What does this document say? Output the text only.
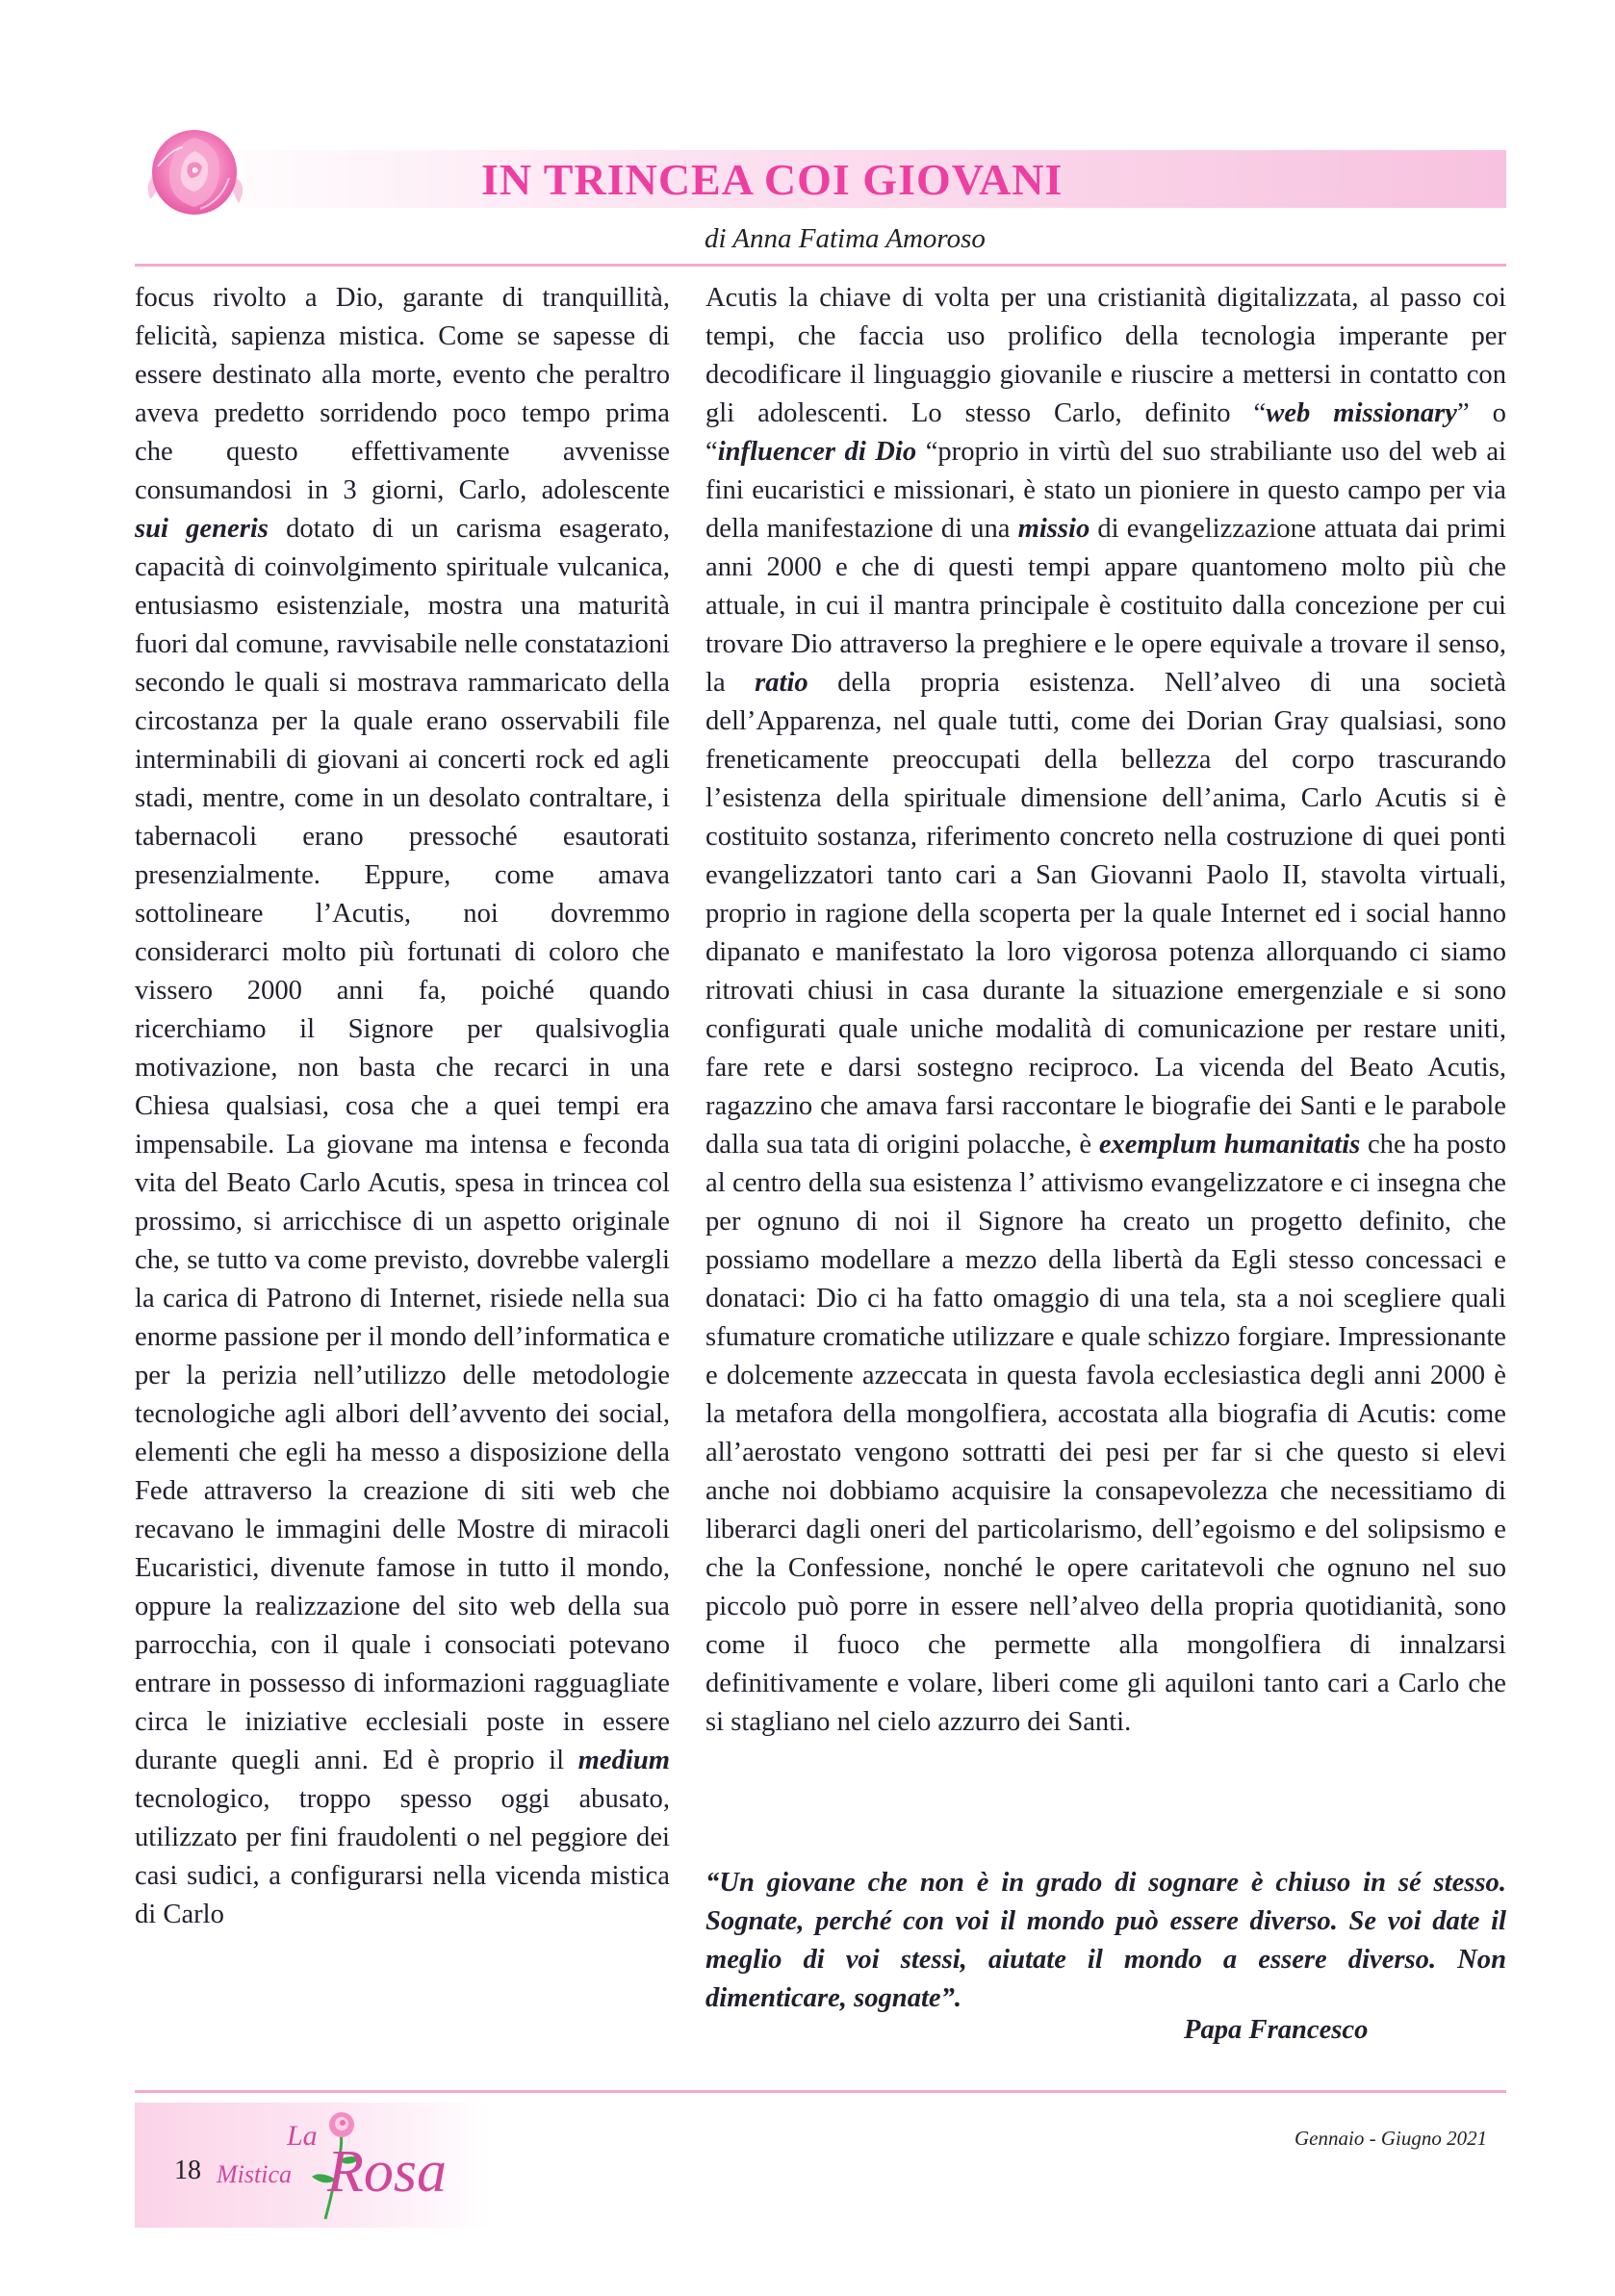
IN TRINCEA COI GIOVANI
di Anna Fatima Amoroso

focus rivolto a Dio, garante di tranquillità, felicità, sapienza mistica. Come se sapesse di essere destinato alla morte, evento che peraltro aveva predetto sorridendo poco tempo prima che questo effettivamente avvenisse consumandosi in 3 giorni, Carlo, adolescente sui generis dotato di un carisma esagerato, capacità di coinvolgimento spirituale vulcanica, entusiasmo esistenziale, mostra una maturità fuori dal comune, ravvisabile nelle constatazioni secondo le quali si mostrava rammaricato della circostanza per la quale erano osservabili file interminabili di giovani ai concerti rock ed agli stadi, mentre, come in un desolato contraltare, i tabernacoli erano pressoché esautorati presenzialmente. Eppure, come amava sottolineare l’Acutis, noi dovremmo considerarci molto più fortunati di coloro che vissero 2000 anni fa, poiché quando ricerchiamo il Signore per qualsivoglia motivazione, non basta che recarci in una Chiesa qualsiasi, cosa che a quei tempi era impensabile. La giovane ma intensa e feconda vita del Beato Carlo Acutis, spesa in trincea col prossimo, si arricchisce di un aspetto originale che, se tutto va come previsto, dovrebbe valergli la carica di Patrono di Internet, risiede nella sua enorme passione per il mondo dell’informatica e per la perizia nell’utilizzo delle metodologie tecnologiche agli albori dell’avvento dei social, elementi che egli ha messo a disposizione della Fede attraverso la creazione di siti web che recavano le immagini delle Mostre di miracoli Eucaristici, divenute famose in tutto il mondo, oppure la realizzazione del sito web della sua parrocchia, con il quale i consociati potevano entrare in possesso di informazioni ragguagliate circa le iniziative ecclesiali poste in essere durante quegli anni. Ed è proprio il medium tecnologico, troppo spesso oggi abusato, utilizzato per fini fraudolenti o nel peggiore dei casi sudici, a configurarsi nella vicenda mistica di Carlo

Acutis la chiave di volta per una cristianità digitalizzata, al passo coi tempi, che faccia uso prolifico della tecnologia imperante per decodificare il linguaggio giovanile e riuscire a mettersi in contatto con gli adolescenti. Lo stesso Carlo, definito “web missionary” o “influencer di Dio “proprio in virtù del suo strabiliante uso del web ai fini eucaristici e missionari, è stato un pioniere in questo campo per via della manifestazione di una missio di evangelizzazione attuata dai primi anni 2000 e che di questi tempi appare quantomeno molto più che attuale, in cui il mantra principale è costituito dalla concezione per cui trovare Dio attraverso la preghiere e le opere equivale a trovare il senso, la ratio della propria esistenza. Nell’alveo di una società dell’Apparenza, nel quale tutti, come dei Dorian Gray qualsiasi, sono freneticamente preoccupati della bellezza del corpo trascurando l’esistenza della spirituale dimensione dell’anima, Carlo Acutis si è costituito sostanza, riferimento concreto nella costruzione di quei ponti evangelizzatori tanto cari a San Giovanni Paolo II, stavolta virtuali, proprio in ragione della scoperta per la quale Internet ed i social hanno dipanato e manifestato la loro vigorosa potenza allorquando ci siamo ritrovati chiusi in casa durante la situazione emergenziale e si sono configurati quale uniche modalità di comunicazione per restare uniti, fare rete e darsi sostegno reciproco. La vicenda del Beato Acutis, ragazzino che amava farsi raccontare le biografie dei Santi e le parabole dalla sua tata di origini polacche, è exemplum humanitatis che ha posto al centro della sua esistenza l’ attivismo evangelizzatore e ci insegna che per ognuno di noi il Signore ha creato un progetto definito, che possiamo modellare a mezzo della libertà da Egli stesso concessaci e donataci: Dio ci ha fatto omaggio di una tela, sta a noi scegliere quali sfumature cromatiche utilizzare e quale schizzo forgiare. Impressionante e dolcemente azzeccata in questa favola ecclesiastica degli anni 2000 è la metafora della mongolfiera, accostata alla biografia di Acutis: come all’aerostato vengono sottratti dei pesi per far si che questo si elevi anche noi dobbiamo acquisire la consapevolezza che necessitiamo di liberarci dagli oneri del particolarismo, dell’egoismo e del solipsismo e che la Confessione, nonché le opere caritatevoli che ognuno nel suo piccolo può porre in essere nell’alveo della propria quotidianità, sono come il fuoco che permette alla mongolfiera di innalzarsi definitivamente e volare, liberi come gli aquiloni tanto cari a Carlo che si stagliano nel cielo azzurro dei Santi.

“Un giovane che non è in grado di sognare è chiuso in sé stesso. Sognate, perché con voi il mondo può essere diverso. Se voi date il meglio di voi stessi, aiutate il mondo a essere diverso. Non dimenticare, sognate”.
Papa Francesco
18
La
Mistica Rosa
Gennaio - Giugno 2021
